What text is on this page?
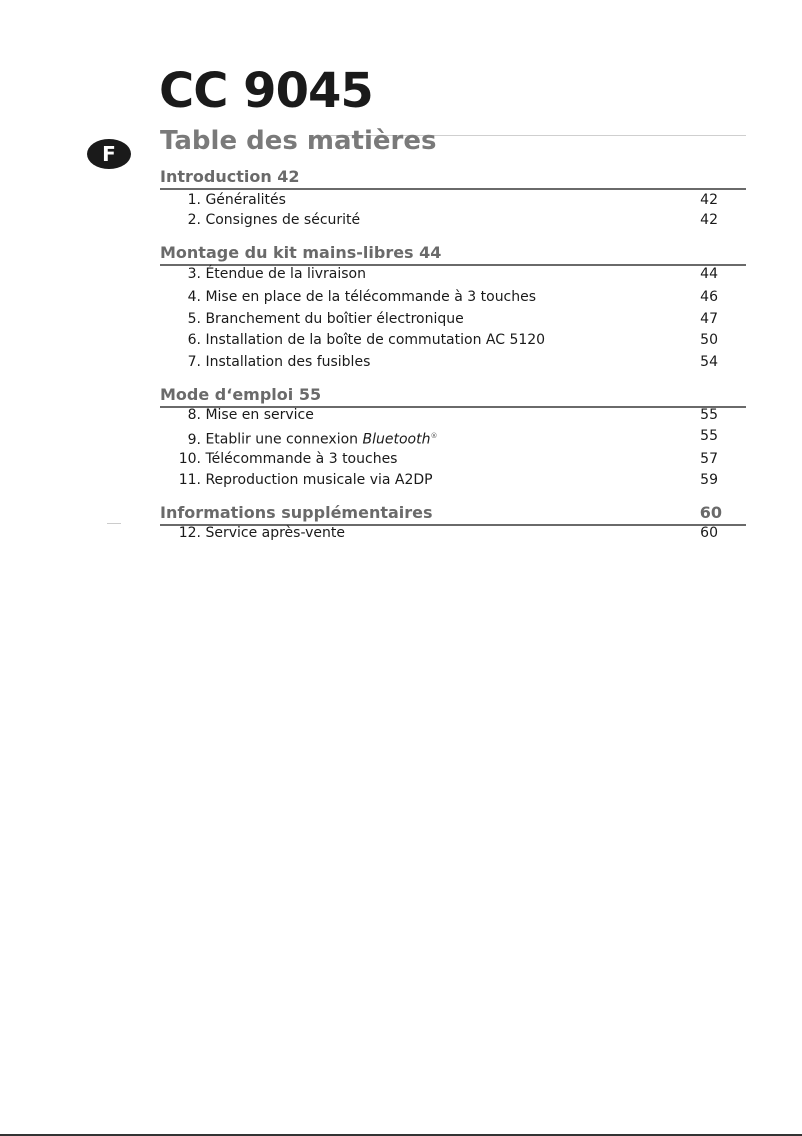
CC 9045
Table des matières
F
Introduction 42
1. Généralités	42
2. Consignes de sécurité	42
Montage du kit mains-libres 44
3. Étendue de la livraison	44
4. Mise en place de la télécommande à 3 touches	46
5. Branchement du boîtier électronique	47
6. Installation de la boîte de commutation AC 5120	50
7. Installation des fusibles	54
Mode d‘emploi 55
8. Mise en service	55
9. Etablir une connexion Bluetooth®	55
10. Télécommande à 3 touches	57
11. Reproduction musicale via A2DP	59
Informations supplémentaires	60
12. Service après-vente	60
